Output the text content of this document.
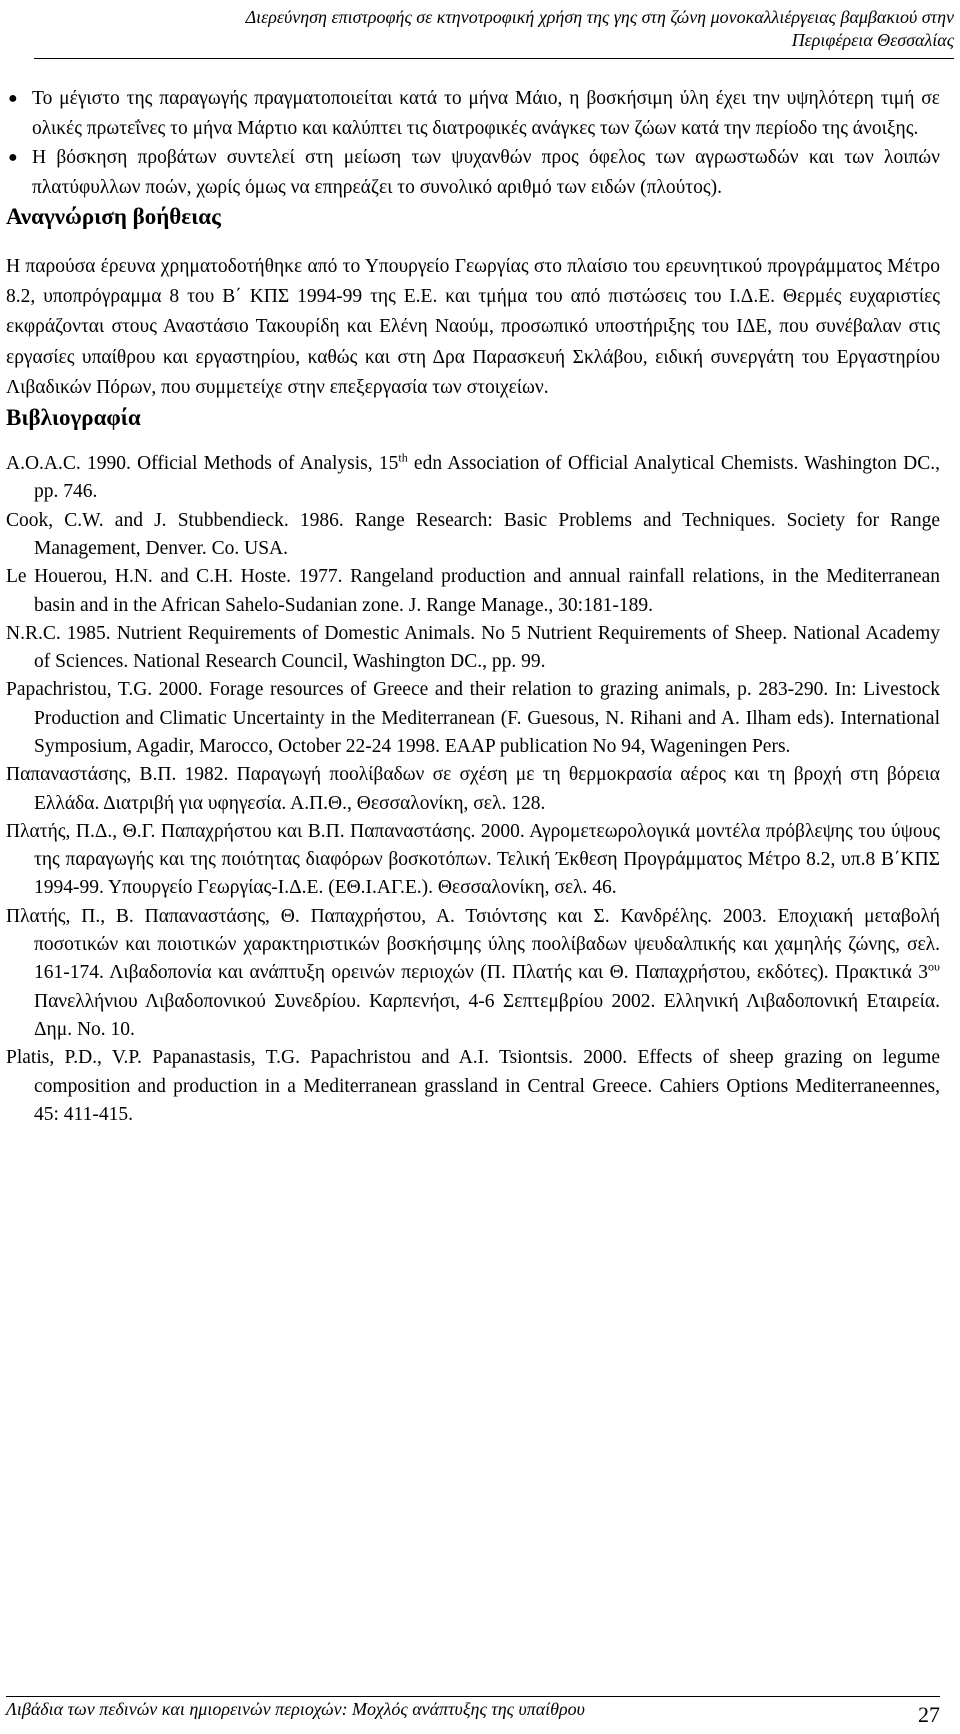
Διερεύνηση επιστροφής σε κτηνοτροφική χρήση της γης στη ζώνη μονοκαλλιέργειας βαμβακιού στην
Περιφέρεια Θεσσαλίας
● Το μέγιστο της παραγωγής πραγματοποιείται κατά το μήνα Μάιο, η βοσκήσιμη ύλη έχει την υψηλότερη τιμή σε ολικές πρωτεΐνες το μήνα Μάρτιο και καλύπτει τις διατροφικές ανάγκες των ζώων κατά την περίοδο της άνοιξης.
● Η βόσκηση προβάτων συντελεί στη μείωση των ψυχανθών προς όφελος των αγρωστωδών και των λοιπών πλατύφυλλων ποών, χωρίς όμως να επηρεάζει το συνολικό αριθμό των ειδών (πλούτος).
Αναγνώριση βοήθειας

Η παρούσα έρευνα χρηματοδοτήθηκε από το Υπουργείο Γεωργίας στο πλαίσιο του ερευνητικού προγράμματος Μέτρο 8.2, υποπρόγραμμα 8 του Β΄ ΚΠΣ 1994-99 της Ε.Ε. και τμήμα του από πιστώσεις του Ι.Δ.Ε. Θερμές ευχαριστίες εκφράζονται στους Αναστάσιο Τακουρίδη και Ελένη Ναούμ, προσωπικό υποστήριξης του ΙΔΕ, που συνέβαλαν στις εργασίες υπαίθρου και εργαστηρίου, καθώς και στη Δρα Παρασκευή Σκλάβου, ειδική συνεργάτη του Εργαστηρίου Λιβαδικών Πόρων, που συμμετείχε στην επεξεργασία των στοιχείων.

Βιβλιογραφία
A.O.A.C. 1990. Official Methods of Analysis, 15th edn Association of Official Analytical Chemists. Washington DC., pp. 746.
Cook, C.W. and J. Stubbendieck. 1986. Range Research: Basic Problems and Techniques. Society for Range Management, Denver. Co. USA.
Le Houerou, H.N. and C.H. Hoste. 1977. Rangeland production and annual rainfall relations, in the Mediterranean basin and in the African Sahelo-Sudanian zone. J. Range Manage., 30:181-189.
N.R.C. 1985. Nutrient Requirements of Domestic Animals. No 5 Nutrient Requirements of Sheep. National Academy of Sciences. National Research Council, Washington DC., pp. 99.
Papachristou, T.G. 2000. Forage resources of Greece and their relation to grazing animals, p. 283-290. In: Livestock Production and Climatic Uncertainty in the Mediterranean (F. Guesous, N. Rihani and A. Ilham eds). International Symposium, Agadir, Marocco, October 22-24 1998. EAAP publication No 94, Wageningen Pers.
Παπαναστάσης, Β.Π. 1982. Παραγωγή ποολίβαδων σε σχέση με τη θερμοκρασία αέρος και τη βροχή στη βόρεια Ελλάδα. Διατριβή για υφηγεσία. Α.Π.Θ., Θεσσαλονίκη, σελ. 128.
Πλατής, Π.Δ., Θ.Γ. Παπαχρήστου και Β.Π. Παπαναστάσης. 2000. Αγρομετεωρολογικά μοντέλα πρόβλεψης του ύψους της παραγωγής και της ποιότητας διαφόρων βοσκοτόπων. Τελική Έκθεση Προγράμματος Μέτρο 8.2, υπ.8 Β΄ΚΠΣ 1994-99. Υπουργείο Γεωργίας-Ι.Δ.Ε. (ΕΘ.Ι.ΑΓ.Ε.). Θεσσαλονίκη, σελ. 46.
Πλατής, Π., Β. Παπαναστάσης, Θ. Παπαχρήστου, Α. Τσιόντσης και Σ. Κανδρέλης. 2003. Εποχιακή μεταβολή ποσοτικών και ποιοτικών χαρακτηριστικών βοσκήσιμης ύλης ποολίβαδων ψευδαλπικής και χαμηλής ζώνης, σελ. 161-174. Λιβαδοπονία και ανάπτυξη ορεινών περιοχών (Π. Πλατής και Θ. Παπαχρήστου, εκδότες). Πρακτικά $3^{o\upsilon}$ Πανελλήνιου Λιβαδοπονικού Συνεδρίου. Καρπενήσι, 4-6 Σεπτεμβρίου 2002. Ελληνική Λιβαδοπονική Εταιρεία. Δημ. Νο. 10.
Platis, P.D., V.P. Papanastasis, T.G. Papachristou and A.I. Tsiontsis. 2000. Effects of sheep grazing on legume composition and production in a Mediterranean grassland in Central Greece. Cahiers Options Mediterraneennes, 45: 411-415.
Λιβάδια των πεδινών και ημιορεινών περιοχών: Μοχλός ανάπτυξης της υπαίθρου	27
